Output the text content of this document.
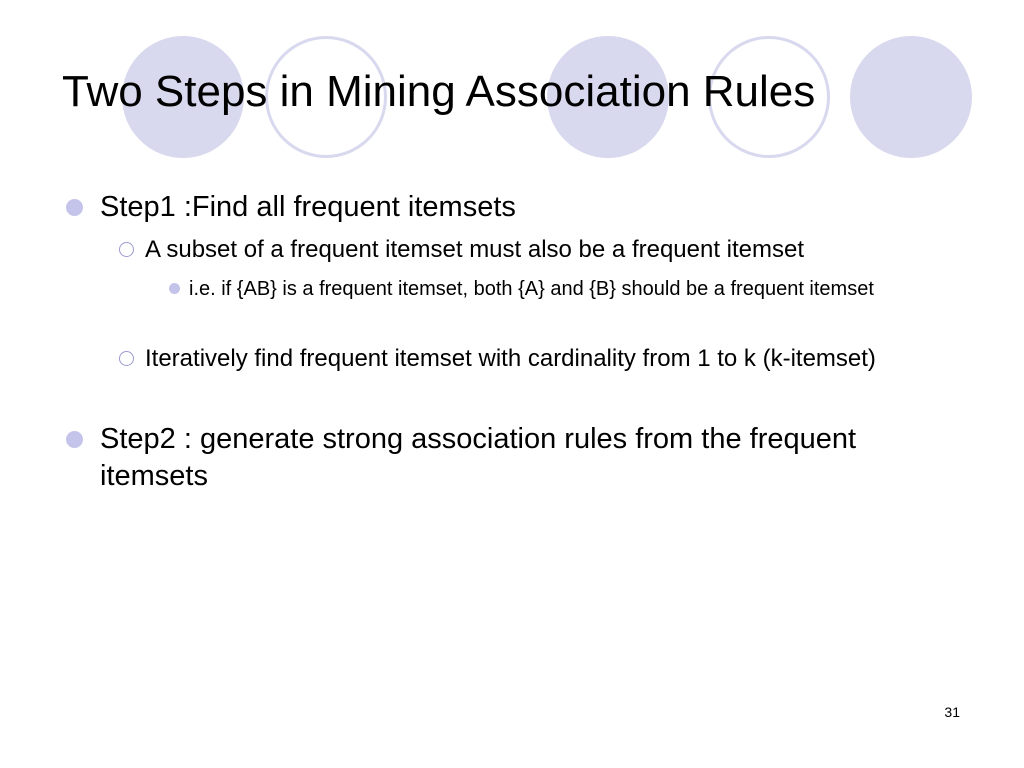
Two Steps in Mining Association Rules
Step1 :Find all frequent itemsets
A subset of a frequent itemset must also be a frequent itemset
i.e. if {AB} is a frequent itemset, both {A} and {B} should be a frequent itemset
Iteratively find frequent itemset with cardinality from 1 to k (k-itemset)
Step2 : generate strong association rules from the frequent itemsets
31
